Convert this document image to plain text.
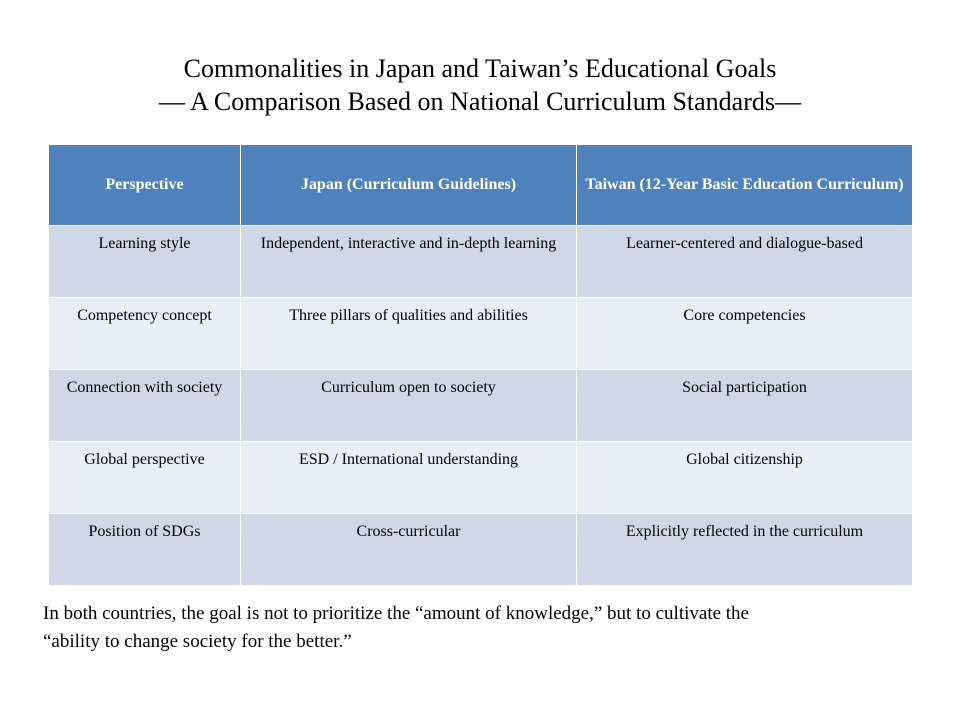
Commonalities in Japan and Taiwan’s Educational Goals
― A Comparison Based on National Curriculum Standards―
Perspective	Japan (Curriculum Guidelines)	Taiwan (12-Year Basic Education Curriculum)
Learning style	Independent, interactive and in-depth learning	Learner-centered and dialogue-based
Competency concept	Three pillars of qualities and abilities	Core competencies
Connection with society	Curriculum open to society	Social participation
Global perspective	ESD / International understanding	Global citizenship
Position of SDGs	Cross-curricular	Explicitly reflected in the curriculum
In both countries, the goal is not to prioritize the “amount of knowledge,” but to cultivate the
“ability to change society for the better.”
